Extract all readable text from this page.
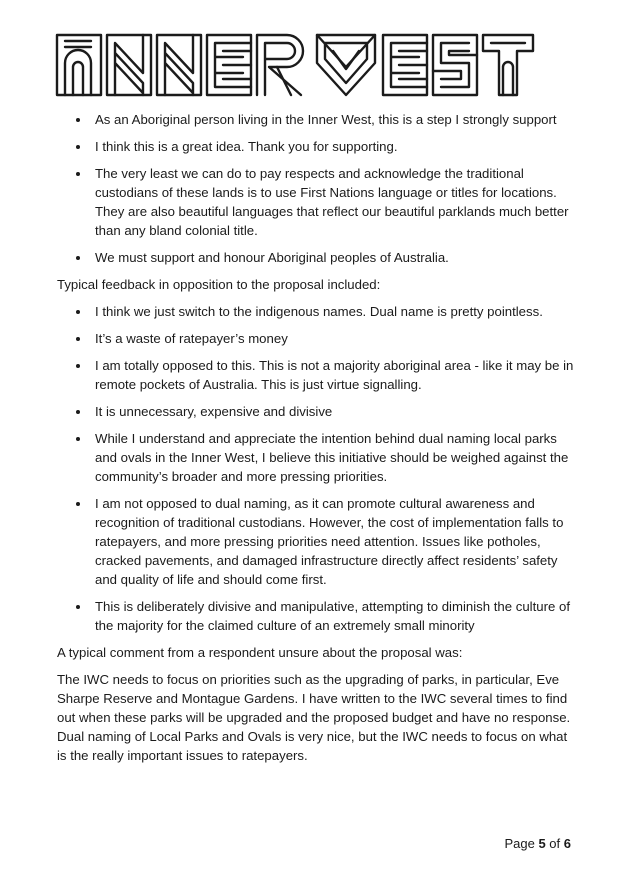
As an Aboriginal person living in the Inner West, this is a step I strongly support
I think this is a great idea. Thank you for supporting.
The very least we can do to pay respects and acknowledge the traditional custodians of these lands is to use First Nations language or titles for locations. They are also beautiful languages that reflect our beautiful parklands much better than any bland colonial title.
We must support and honour Aboriginal peoples of Australia.

Typical feedback in opposition to the proposal included:

I think we just switch to the indigenous names. Dual name is pretty pointless.
It’s a waste of ratepayer’s money
I am totally opposed to this. This is not a majority aboriginal area - like it may be in remote pockets of Australia. This is just virtue signalling.
It is unnecessary, expensive and divisive
While I understand and appreciate the intention behind dual naming local parks and ovals in the Inner West, I believe this initiative should be weighed against the community’s broader and more pressing priorities.
I am not opposed to dual naming, as it can promote cultural awareness and recognition of traditional custodians. However, the cost of implementation falls to ratepayers, and more pressing priorities need attention. Issues like potholes, cracked pavements, and damaged infrastructure directly affect residents’ safety and quality of life and should come first.
This is deliberately divisive and manipulative, attempting to diminish the culture of the majority for the claimed culture of an extremely small minority

A typical comment from a respondent unsure about the proposal was:

The IWC needs to focus on priorities such as the upgrading of parks, in particular, Eve Sharpe Reserve and Montague Gardens. I have written to the IWC several times to find out when these parks will be upgraded and the proposed budget and have no response. Dual naming of Local Parks and Ovals is very nice, but the IWC needs to focus on what is the really important issues to ratepayers.

Page 5 of 6
